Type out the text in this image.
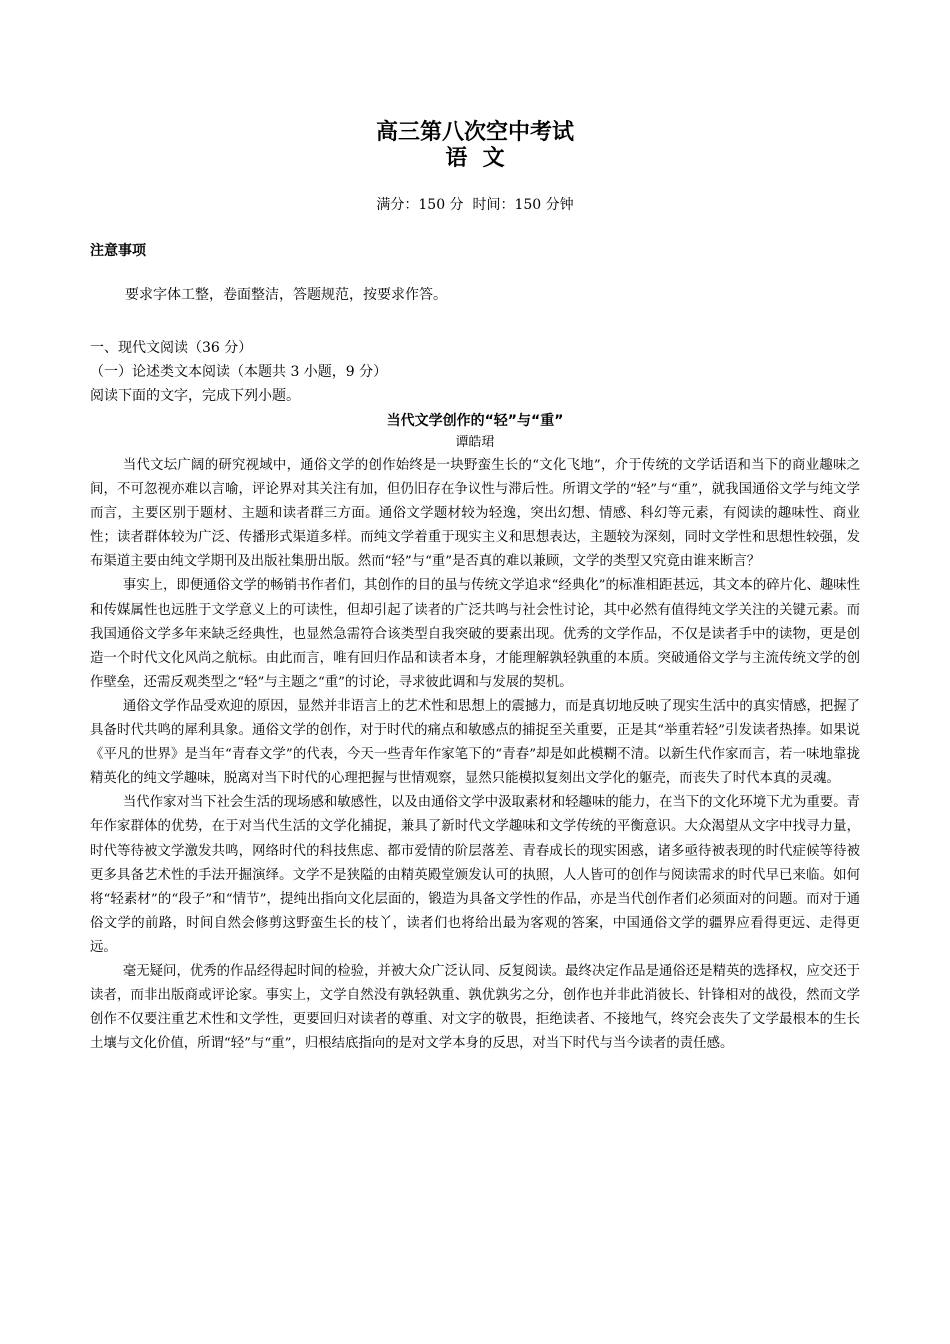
高三第八次空中考试
语  文
满分：150 分  时间：150 分钟
注意事项
要求字体工整，卷面整洁，答题规范，按要求作答。
一、现代文阅读（36 分）
（一）论述类文本阅读（本题共 3 小题，9 分）
阅读下面的文字，完成下列小题。
当代文学创作的“轻”与“重”
谭皓珺

当代文坛广阔的研究视域中，通俗文学的创作始终是一块野蛮生长的“文化飞地”，介于传统的文学话语和当下的商业趣味之间，不可忽视亦难以言喻，评论界对其关注有加，但仍旧存在争议性与滞后性。所谓文学的“轻”与“重”，就我国通俗文学与纯文学而言，主要区别于题材、主题和读者群三方面。通俗文学题材较为轻逸，突出幻想、情感、科幻等元素，有阅读的趣味性、商业性；读者群体较为广泛、传播形式渠道多样。而纯文学着重于现实主义和思想表达，主题较为深刻，同时文学性和思想性较强，发布渠道主要由纯文学期刊及出版社集册出版。然而“轻”与“重”是否真的难以兼顾，文学的类型又究竟由谁来断言？

事实上，即便通俗文学的畅销书作者们，其创作的目的虽与传统文学追求“经典化”的标准相距甚远，其文本的碎片化、趣味性和传媒属性也远胜于文学意义上的可读性，但却引起了读者的广泛共鸣与社会性讨论，其中必然有值得纯文学关注的关键元素。而我国通俗文学多年来缺乏经典性，也显然急需符合该类型自我突破的要素出现。优秀的文学作品，不仅是读者手中的读物，更是创造一个时代文化风尚之航标。由此而言，唯有回归作品和读者本身，才能理解孰轻孰重的本质。突破通俗文学与主流传统文学的创作壁垒，还需反观类型之“轻”与主题之“重”的讨论，寻求彼此调和与发展的契机。

通俗文学作品受欢迎的原因，显然并非语言上的艺术性和思想上的震撼力，而是真切地反映了现实生活中的真实情感，把握了具备时代共鸣的犀利具象。通俗文学的创作，对于时代的痛点和敏感点的捕捉至关重要，正是其“举重若轻”引发读者热捧。如果说《平凡的世界》是当年“青春文学”的代表，今天一些青年作家笔下的“青春”却是如此模糊不清。以新生代作家而言，若一味地靠拢精英化的纯文学趣味，脱离对当下时代的心理把握与世情观察，显然只能模拟复刻出文学化的躯壳，而丧失了时代本真的灵魂。

当代作家对当下社会生活的现场感和敏感性，以及由通俗文学中汲取素材和轻趣味的能力，在当下的文化环境下尤为重要。青年作家群体的优势，在于对当代生活的文学化捕捉，兼具了新时代文学趣味和文学传统的平衡意识。大众渴望从文字中找寻力量，时代等待被文学激发共鸣，网络时代的科技焦虑、都市爱情的阶层落差、青春成长的现实困惑，诸多亟待被表现的时代症候等待被更多具备艺术性的手法开掘演绎。文学不是狭隘的由精英殿堂颁发认可的执照，人人皆可的创作与阅读需求的时代早已来临。如何将“轻素材”的“段子”和“情节”，提纯出指向文化层面的，锻造为具备文学性的作品，亦是当代创作者们必须面对的问题。而对于通俗文学的前路，时间自然会修剪这野蛮生长的枝丫，读者们也将给出最为客观的答案，中国通俗文学的疆界应看得更远、走得更远。

毫无疑问，优秀的作品经得起时间的检验，并被大众广泛认同、反复阅读。最终决定作品是通俗还是精英的选择权，应交还于读者，而非出版商或评论家。事实上，文学自然没有孰轻孰重、孰优孰劣之分，创作也并非此消彼长、针锋相对的战役，然而文学创作不仅要注重艺术性和文学性，更要回归对读者的尊重、对文字的敬畏，拒绝读者、不接地气，终究会丧失了文学最根本的生长土壤与文化价值，所谓“轻”与“重”，归根结底指向的是对文学本身的反思，对当下时代与当今读者的责任感。
